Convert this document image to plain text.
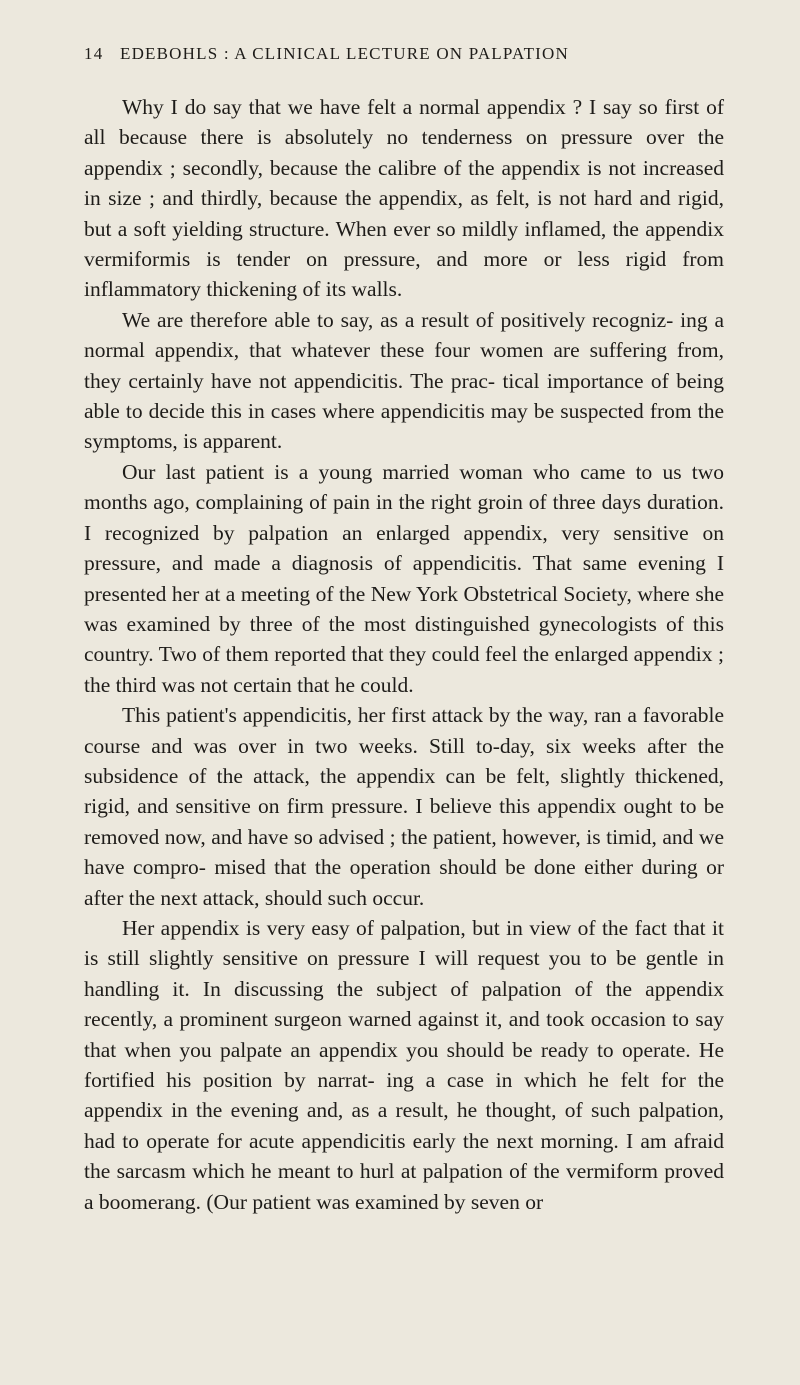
14 EDEBOHLS : A CLINICAL LECTURE ON PALPATION

Why I do say that we have felt a normal appendix ? I say so first of all because there is absolutely no tenderness on pressure over the appendix ; secondly, because the calibre of the appendix is not increased in size ; and thirdly, because the appendix, as felt, is not hard and rigid, but a soft yielding structure. When ever so mildly inflamed, the appendix vermiformis is tender on pressure, and more or less rigid from inflammatory thickening of its walls.

We are therefore able to say, as a result of positively recogniz- ing a normal appendix, that whatever these four women are suffering from, they certainly have not appendicitis. The prac- tical importance of being able to decide this in cases where appendicitis may be suspected from the symptoms, is apparent.

Our last patient is a young married woman who came to us two months ago, complaining of pain in the right groin of three days duration. I recognized by palpation an enlarged appendix, very sensitive on pressure, and made a diagnosis of appendicitis. That same evening I presented her at a meeting of the New York Obstetrical Society, where she was examined by three of the most distinguished gynecologists of this country. Two of them reported that they could feel the enlarged appendix ; the third was not certain that he could.

This patient's appendicitis, her first attack by the way, ran a favorable course and was over in two weeks. Still to-day, six weeks after the subsidence of the attack, the appendix can be felt, slightly thickened, rigid, and sensitive on firm pressure. I believe this appendix ought to be removed now, and have so advised ; the patient, however, is timid, and we have compro- mised that the operation should be done either during or after the next attack, should such occur.

Her appendix is very easy of palpation, but in view of the fact that it is still slightly sensitive on pressure I will request you to be gentle in handling it. In discussing the subject of palpation of the appendix recently, a prominent surgeon warned against it, and took occasion to say that when you palpate an appendix you should be ready to operate. He fortified his position by narrat- ing a case in which he felt for the appendix in the evening and, as a result, he thought, of such palpation, had to operate for acute appendicitis early the next morning. I am afraid the sarcasm which he meant to hurl at palpation of the vermiform proved a boomerang. (Our patient was examined by seven or
